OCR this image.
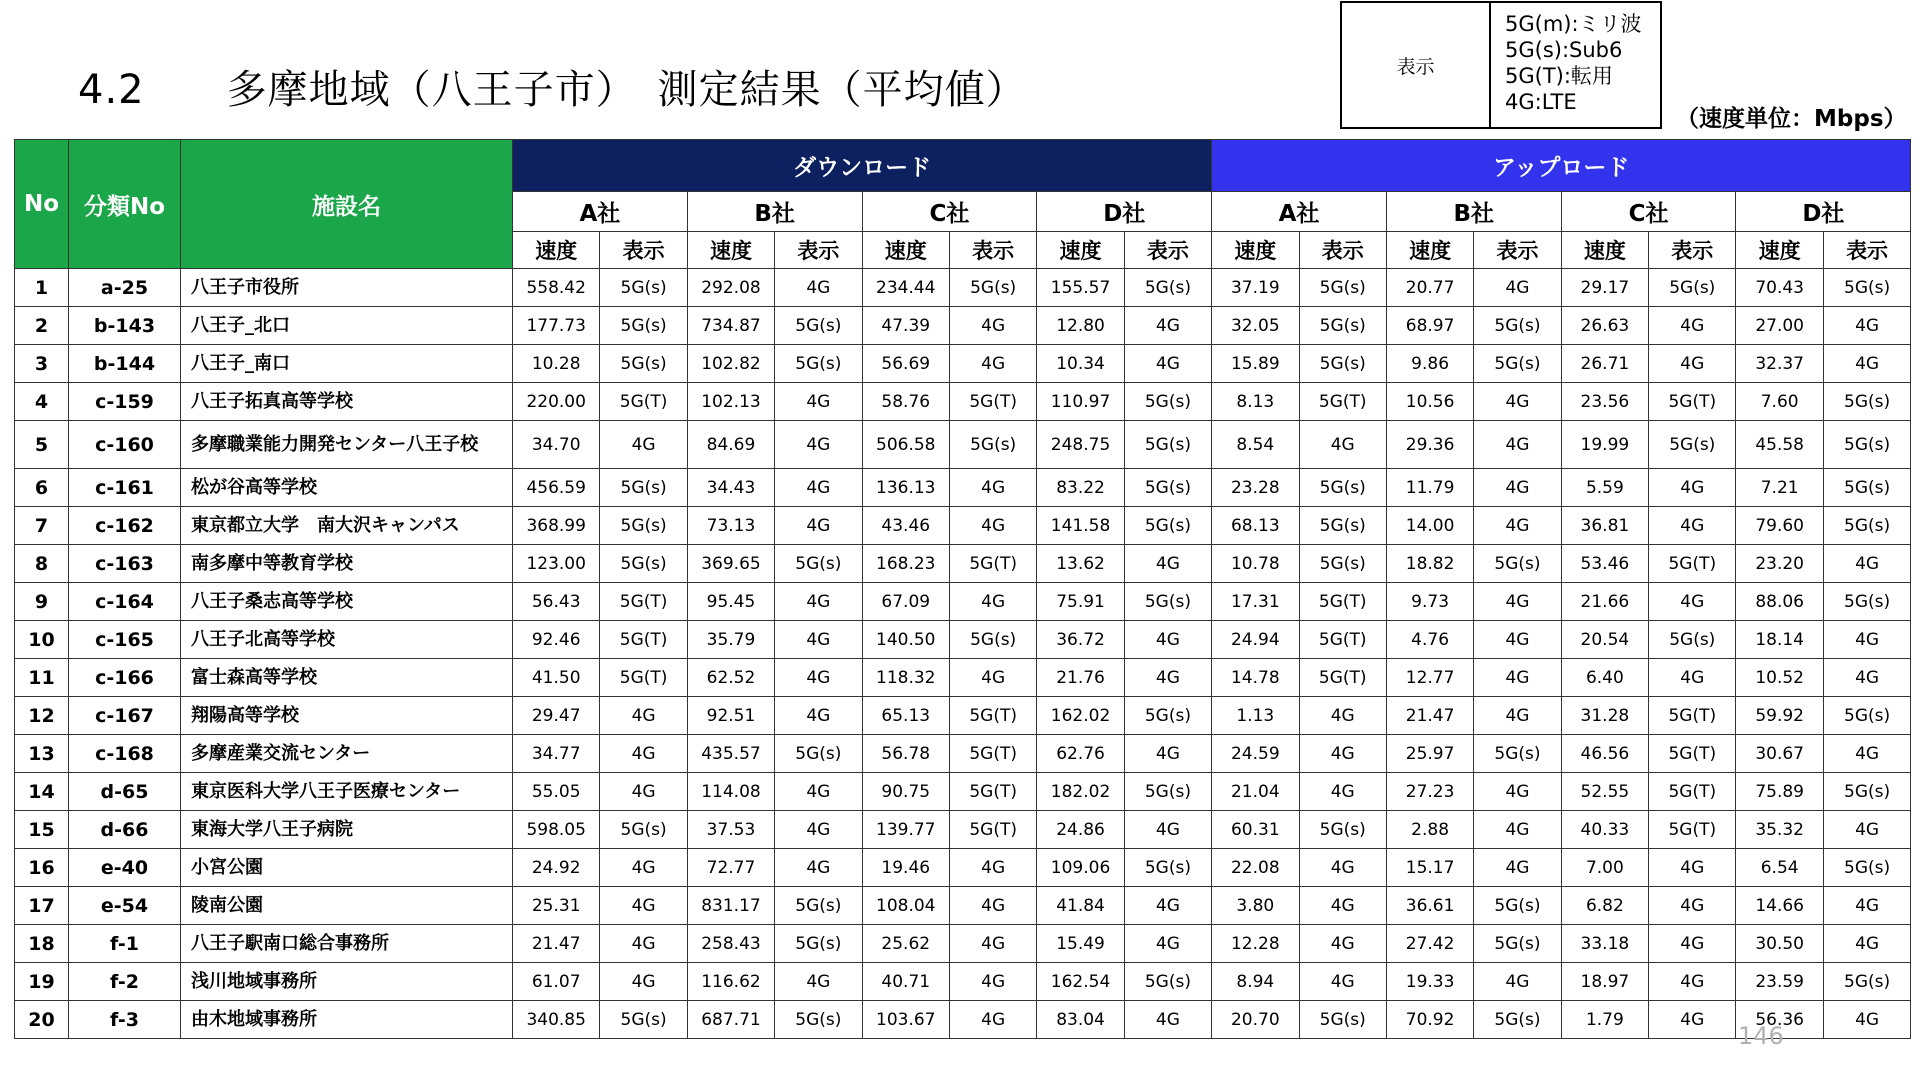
4.2　　多摩地域（八王子市）　測定結果（平均値）
表示
5G(m):ミリ波
5G(s):Sub6
5G(T):転用
4G:LTE
（速度単位：Mbps）
No	分類No	施設名	ダウンロード								アップロード							
			A社		B社		C社		D社		A社		B社		C社		D社	
			速度	表示	速度	表示	速度	表示	速度	表示	速度	表示	速度	表示	速度	表示	速度	表示
1	a-25	八王子市役所	558.42	5G(s)	292.08	4G	234.44	5G(s)	155.57	5G(s)	37.19	5G(s)	20.77	4G	29.17	5G(s)	70.43	5G(s)
2	b-143	八王子_北口	177.73	5G(s)	734.87	5G(s)	47.39	4G	12.80	4G	32.05	5G(s)	68.97	5G(s)	26.63	4G	27.00	4G
3	b-144	八王子_南口	10.28	5G(s)	102.82	5G(s)	56.69	4G	10.34	4G	15.89	5G(s)	9.86	5G(s)	26.71	4G	32.37	4G
4	c-159	八王子拓真高等学校	220.00	5G(T)	102.13	4G	58.76	5G(T)	110.97	5G(s)	8.13	5G(T)	10.56	4G	23.56	5G(T)	7.60	5G(s)
5	c-160	多摩職業能力開発センター八王子校	34.70	4G	84.69	4G	506.58	5G(s)	248.75	5G(s)	8.54	4G	29.36	4G	19.99	5G(s)	45.58	5G(s)
6	c-161	松が谷高等学校	456.59	5G(s)	34.43	4G	136.13	4G	83.22	5G(s)	23.28	5G(s)	11.79	4G	5.59	4G	7.21	5G(s)
7	c-162	東京都立大学　南大沢キャンパス	368.99	5G(s)	73.13	4G	43.46	4G	141.58	5G(s)	68.13	5G(s)	14.00	4G	36.81	4G	79.60	5G(s)
8	c-163	南多摩中等教育学校	123.00	5G(s)	369.65	5G(s)	168.23	5G(T)	13.62	4G	10.78	5G(s)	18.82	5G(s)	53.46	5G(T)	23.20	4G
9	c-164	八王子桑志高等学校	56.43	5G(T)	95.45	4G	67.09	4G	75.91	5G(s)	17.31	5G(T)	9.73	4G	21.66	4G	88.06	5G(s)
10	c-165	八王子北高等学校	92.46	5G(T)	35.79	4G	140.50	5G(s)	36.72	4G	24.94	5G(T)	4.76	4G	20.54	5G(s)	18.14	4G
11	c-166	富士森高等学校	41.50	5G(T)	62.52	4G	118.32	4G	21.76	4G	14.78	5G(T)	12.77	4G	6.40	4G	10.52	4G
12	c-167	翔陽高等学校	29.47	4G	92.51	4G	65.13	5G(T)	162.02	5G(s)	1.13	4G	21.47	4G	31.28	5G(T)	59.92	5G(s)
13	c-168	多摩産業交流センター	34.77	4G	435.57	5G(s)	56.78	5G(T)	62.76	4G	24.59	4G	25.97	5G(s)	46.56	5G(T)	30.67	4G
14	d-65	東京医科大学八王子医療センター	55.05	4G	114.08	4G	90.75	5G(T)	182.02	5G(s)	21.04	4G	27.23	4G	52.55	5G(T)	75.89	5G(s)
15	d-66	東海大学八王子病院	598.05	5G(s)	37.53	4G	139.77	5G(T)	24.86	4G	60.31	5G(s)	2.88	4G	40.33	5G(T)	35.32	4G
16	e-40	小宮公園	24.92	4G	72.77	4G	19.46	4G	109.06	5G(s)	22.08	4G	15.17	4G	7.00	4G	6.54	5G(s)
17	e-54	陵南公園	25.31	4G	831.17	5G(s)	108.04	4G	41.84	4G	3.80	4G	36.61	5G(s)	6.82	4G	14.66	4G
18	f-1	八王子駅南口総合事務所	21.47	4G	258.43	5G(s)	25.62	4G	15.49	4G	12.28	4G	27.42	5G(s)	33.18	4G	30.50	4G
19	f-2	浅川地域事務所	61.07	4G	116.62	4G	40.71	4G	162.54	5G(s)	8.94	4G	19.33	4G	18.97	4G	23.59	5G(s)
20	f-3	由木地域事務所	340.85	5G(s)	687.71	5G(s)	103.67	4G	83.04	4G	20.70	5G(s)	70.92	5G(s)	1.79	4G	56.36	4G
146
